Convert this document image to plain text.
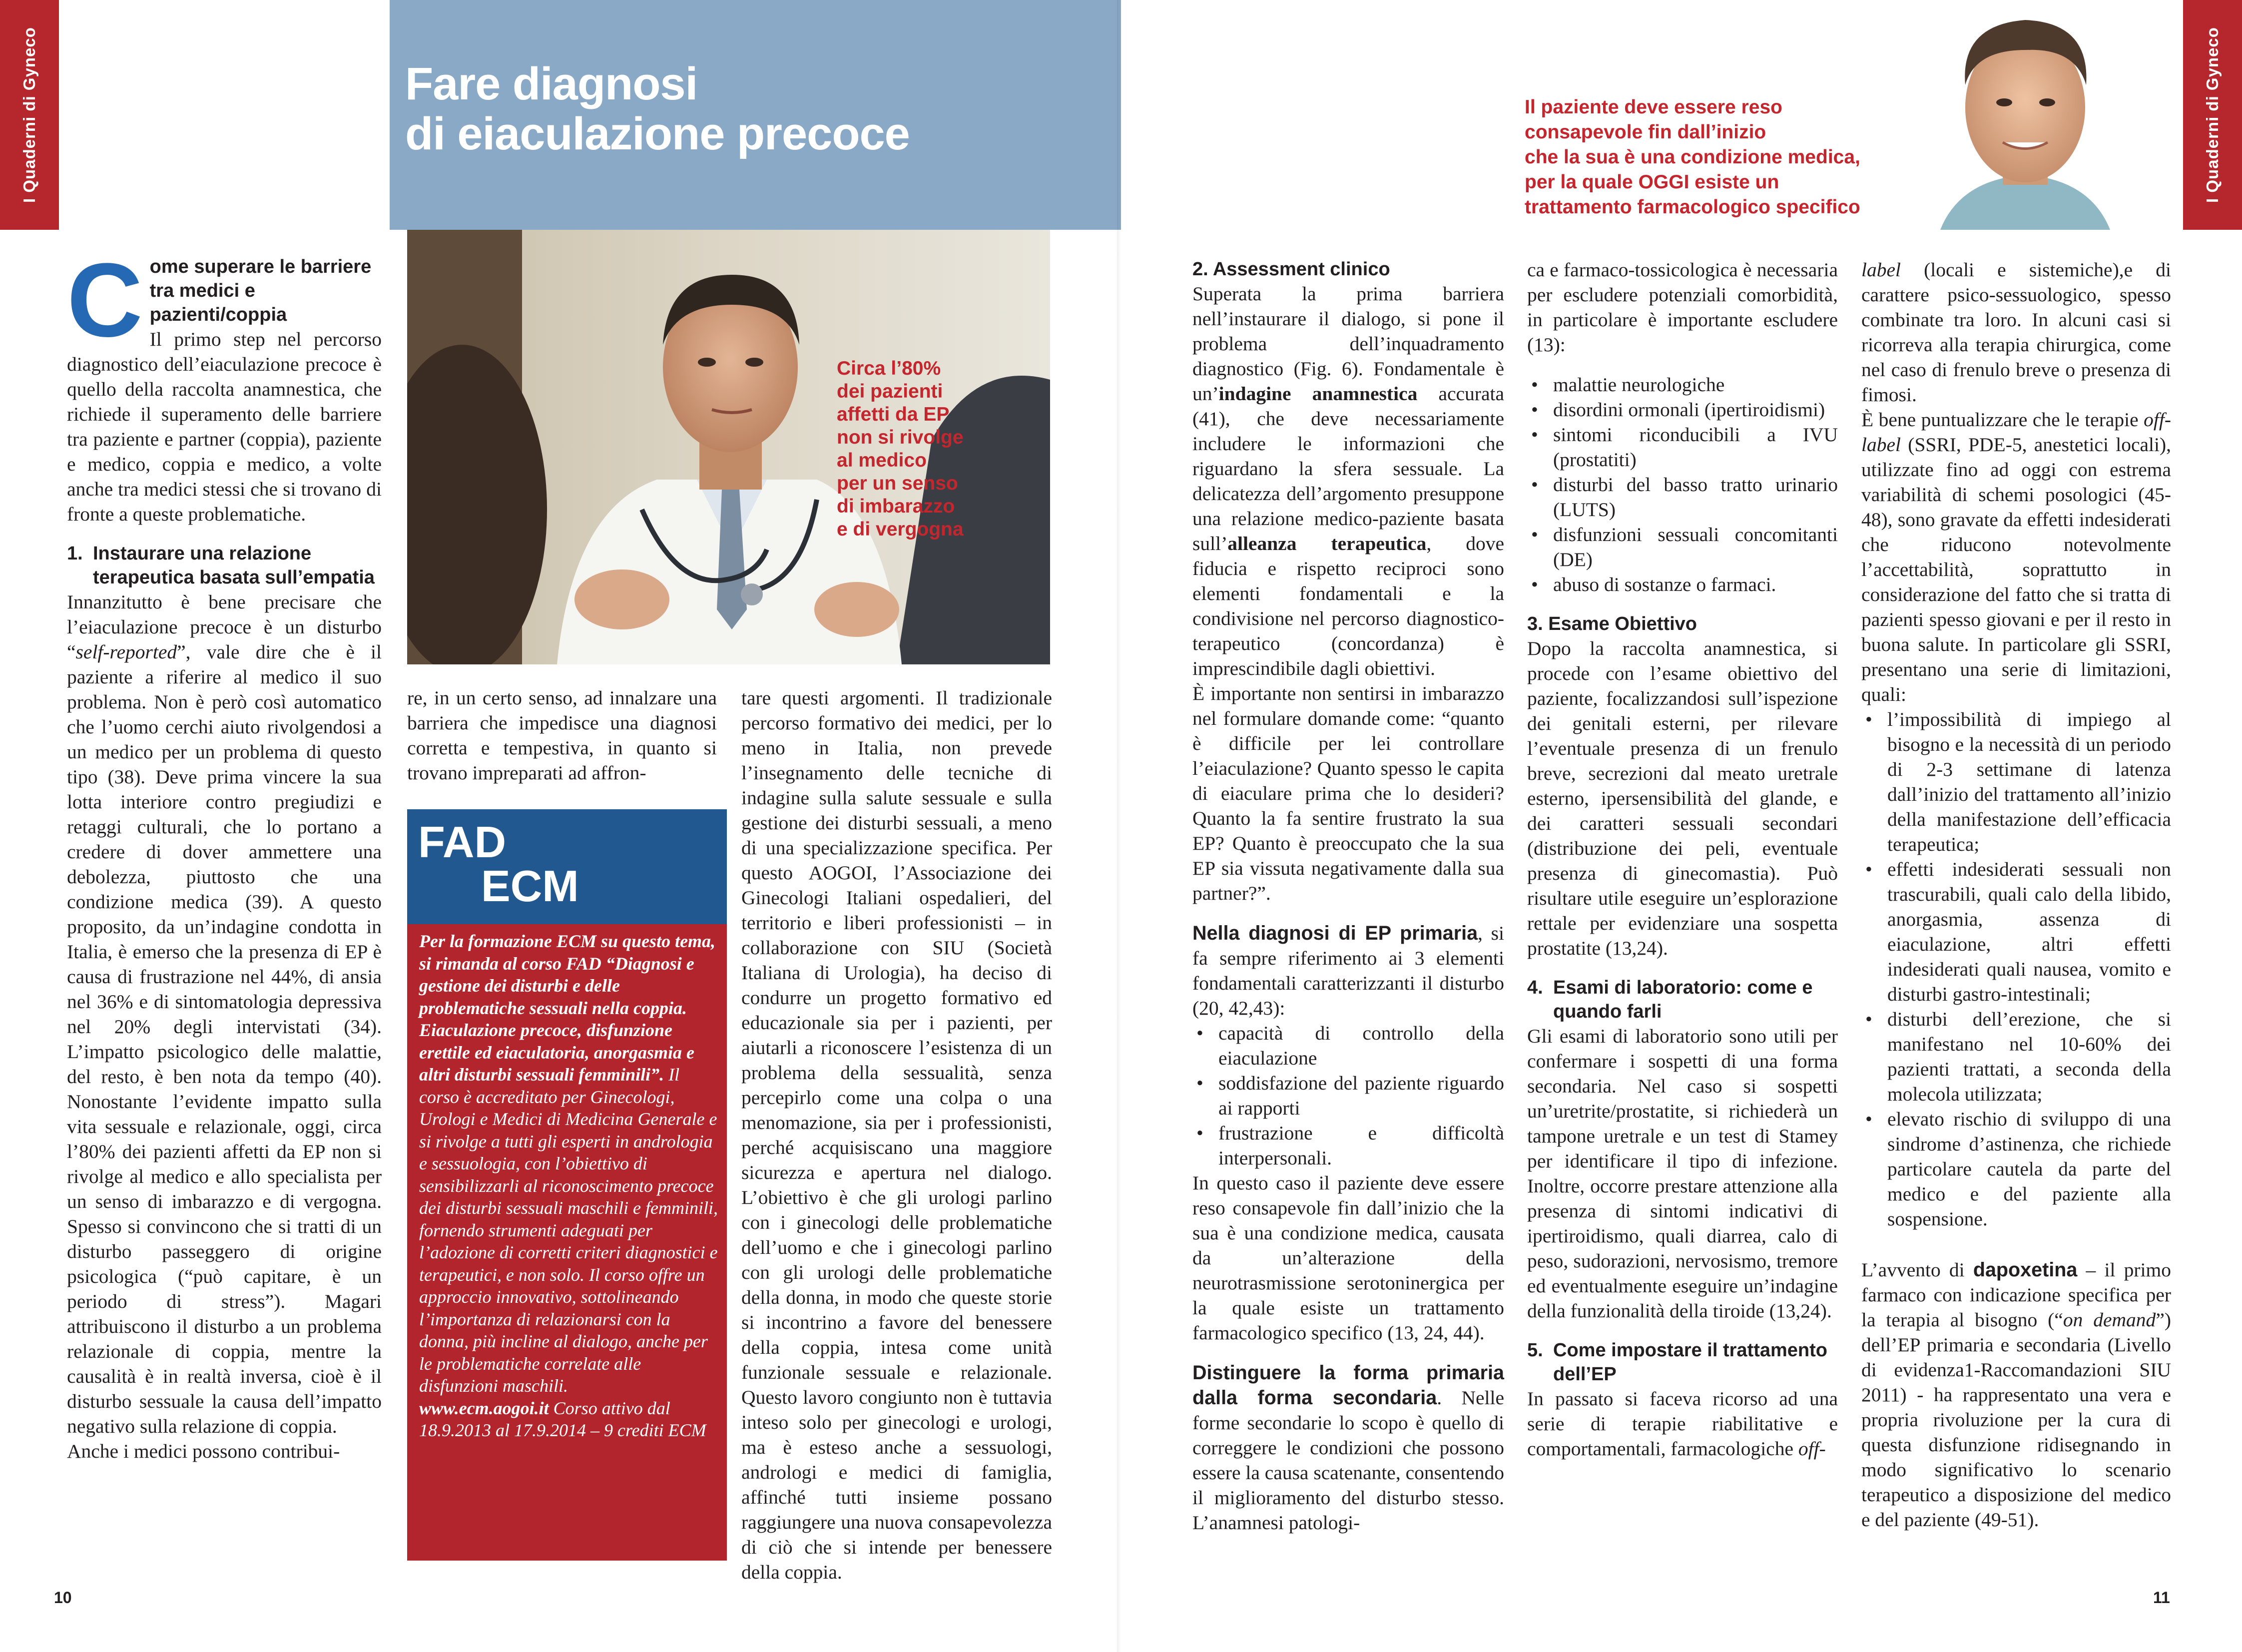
I Quaderni di Gyneco	Fare diagnosi
di eiaculazione precoce
Circa l’80%
dei pazienti
affetti da EP
non si rivolge
al medico
per un senso
di imbarazzo
e di vergogna
C ome superare le barriere tra medici e pazienti/coppia

Il primo step nel percorso diagnostico dell’eiaculazione precoce è quello della raccolta anamnestica, che richiede il superamento delle barriere tra paziente e partner (coppia), paziente e medico, coppia e medico, a volte anche tra medici stessi che si trovano di fronte a queste problematiche.

1. Instaurare una relazione terapeutica basata sull’empatia

Innanzitutto è bene precisare che l’eiaculazione precoce è un disturbo “self-reported”, vale dire che è il paziente a riferire al medico il suo problema. Non è però così automatico che l’uomo cerchi aiuto rivolgendosi a un medico per un problema di questo tipo (38). Deve prima vincere la sua lotta interiore contro pregiudizi e retaggi culturali, che lo portano a credere di dover ammettere una debolezza, piuttosto che una condizione medica (39). A questo proposito, da un’indagine condotta in Italia, è emerso che la presenza di EP è causa di frustrazione nel 44%, di ansia nel 36% e di sintomatologia depressiva nel 20% degli intervistati (34). L’impatto psicologico delle malattie, del resto, è ben nota da tempo (40). Nonostante l’evidente impatto sulla vita sessuale e relazionale, oggi, circa l’80% dei pazienti affetti da EP non si rivolge al medico e allo specialista per un senso di imbarazzo e di vergogna. Spesso si convincono che si tratti di un disturbo passeggero di origine psicologica (“può capitare, è un periodo di stress”). Magari attribuiscono il disturbo a un problema relazionale di coppia, mentre la causalità è in realtà inversa, cioè è il disturbo sessuale la causa dell’impatto negativo sulla relazione di coppia.

Anche i medici possono contribui-

re, in un certo senso, ad innalzare una barriera che impedisce una diagnosi corretta e tempestiva, in quanto si trovano impreparati ad affron-

FAD
ECM
Per la formazione ECM su questo tema, si rimanda al corso FAD “Diagnosi e gestione dei disturbi e delle problematiche sessuali nella coppia. Eiaculazione precoce, disfunzione erettile ed eiaculatoria, anorgasmia e altri disturbi sessuali femminili”. Il corso è accreditato per Ginecologi, Urologi e Medici di Medicina Generale e si rivolge a tutti gli esperti in andrologia e sessuologia, con l’obiettivo di sensibilizzarli al riconoscimento precoce dei disturbi sessuali maschili e femminili, fornendo strumenti adeguati per l’adozione di corretti criteri diagnostici e terapeutici, e non solo. Il corso offre un approccio innovativo, sottolineando l’importanza di relazionarsi con la donna, più incline al dialogo, anche per le problematiche correlate alle disfunzioni maschili.
www.ecm.aogoi.it Corso attivo dal 18.9.2013 al 17.9.2014 – 9 crediti ECM

tare questi argomenti. Il tradizionale percorso formativo dei medici, per lo meno in Italia, non prevede l’insegnamento delle tecniche di indagine sulla salute sessuale e sulla gestione dei disturbi sessuali, a meno di una specializzazione specifica. Per questo AOGOI, l’Associazione dei Ginecologi Italiani ospedalieri, del territorio e liberi professionisti – in collaborazione con SIU (Società Italiana di Urologia), ha deciso di condurre un progetto formativo ed educazionale sia per i pazienti, per aiutarli a riconoscere l’esistenza di un problema della sessualità, senza percepirlo come una colpa o una menomazione, sia per i professionisti, perché acquisiscano una maggiore sicurezza e apertura nel dialogo. L’obiettivo è che gli urologi parlino con i ginecologi delle problematiche dell’uomo e che i ginecologi parlino con gli urologi delle problematiche della donna, in modo che queste storie si incontrino a favore del benessere della coppia, intesa come unità funzionale sessuale e relazionale. Questo lavoro congiunto non è tuttavia inteso solo per ginecologi e urologi, ma è esteso anche a sessuologi, andrologi e medici di famiglia, affinché tutti insieme possano raggiungere una nuova consapevolezza di ciò che si intende per benessere della coppia.

10
I Quaderni di Gyneco
Il paziente deve essere reso
consapevole fin dall’inizio
che la sua è una condizione medica,
per la quale OGGI esiste un
trattamento farmacologico specifico
2. Assessment clinico

Superata la prima barriera nell’instaurare il dialogo, si pone il problema dell’inquadramento diagnostico (Fig. 6). Fondamentale è un’indagine anamnestica accurata (41), che deve necessariamente includere le informazioni che riguardano la sfera sessuale. La delicatezza dell’argomento presuppone una relazione medico-paziente basata sull’alleanza terapeutica, dove fiducia e rispetto reciproci sono elementi fondamentali e la condivisione nel percorso diagnostico-terapeutico (concordanza) è imprescindibile dagli obiettivi.

È importante non sentirsi in imbarazzo nel formulare domande come: “quanto è difficile per lei controllare l’eiaculazione? Quanto spesso le capita di eiaculare prima che lo desideri? Quanto la fa sentire frustrato la sua EP? Quanto è preoccupato che la sua EP sia vissuta negativamente dalla sua partner?”.

Nella diagnosi di EP primaria, si fa sempre riferimento ai 3 elementi fondamentali caratterizzanti il disturbo (20, 42,43):

• capacità di controllo della eiaculazione
• soddisfazione del paziente riguardo ai rapporti
• frustrazione e difficoltà interpersonali.

In questo caso il paziente deve essere reso consapevole fin dall’inizio che la sua è una condizione medica, causata da un’alterazione della neurotrasmissione serotoninergica per la quale esiste un trattamento farmacologico specifico (13, 24, 44).

Distinguere la forma primaria dalla forma secondaria. Nelle forme secondarie lo scopo è quello di correggere le condizioni che possono essere la causa scatenante, consentendo il miglioramento del disturbo stesso. L’anamnesi patologi-

ca e farmaco-tossicologica è necessaria per escludere potenziali comorbidità, in particolare è importante escludere (13):

• malattie neurologiche
• disordini ormonali (ipertiroidismi)
• sintomi riconducibili a IVU (prostatiti)
• disturbi del basso tratto urinario (LUTS)
• disfunzioni sessuali concomitanti (DE)
• abuso di sostanze o farmaci.
3. Esame Obiettivo

Dopo la raccolta anamnestica, si procede con l’esame obiettivo del paziente, focalizzandosi sull’ispezione dei genitali esterni, per rilevare l’eventuale presenza di un frenulo breve, secrezioni dal meato uretrale esterno, ipersensibilità del glande, e dei caratteri sessuali secondari (distribuzione dei peli, eventuale presenza di ginecomastia). Può risultare utile eseguire un’esplorazione rettale per evidenziare una sospetta prostatite (13,24).

4. Esami di laboratorio: come e quando farli

Gli esami di laboratorio sono utili per confermare i sospetti di una forma secondaria. Nel caso si sospetti un’uretrite/prostatite, si richiederà un tampone uretrale e un test di Stamey per identificare il tipo di infezione. Inoltre, occorre prestare attenzione alla presenza di sintomi indicativi di ipertiroidismo, quali diarrea, calo di peso, sudorazioni, nervosismo, tremore ed eventualmente eseguire un’indagine della funzionalità della tiroide (13,24).

5. Come impostare il trattamento dell’EP

In passato si faceva ricorso ad una serie di terapie riabilitative e comportamentali, farmacologiche off-

label (locali e sistemiche),e di carattere psico-sessuologico, spesso combinate tra loro. In alcuni casi si ricorreva alla terapia chirurgica, come nel caso di frenulo breve o presenza di fimosi.

È bene puntualizzare che le terapie off-label (SSRI, PDE-5, anestetici locali), utilizzate fino ad oggi con estrema variabilità di schemi posologici (45-48), sono gravate da effetti indesiderati che riducono notevolmente l’accettabilità, soprattutto in considerazione del fatto che si tratta di pazienti spesso giovani e per il resto in buona salute. In particolare gli SSRI, presentano una serie di limitazioni, quali:

• l’impossibilità di impiego al bisogno e la necessità di un periodo di 2-3 settimane di latenza dall’inizio del trattamento all’inizio della manifestazione dell’efficacia terapeutica;
• effetti indesiderati sessuali non trascurabili, quali calo della libido, anorgasmia, assenza di eiaculazione, altri effetti indesiderati quali nausea, vomito e disturbi gastro-intestinali;
• disturbi dell’erezione, che si manifestano nel 10-60% dei pazienti trattati, a seconda della molecola utilizzata;
• elevato rischio di sviluppo di una sindrome d’astinenza, che richiede particolare cautela da parte del medico e del paziente alla sospensione.

L’avvento di dapoxetina – il primo farmaco con indicazione specifica per la terapia al bisogno (“on demand”) dell’EP primaria e secondaria (Livello di evidenza1-Raccomandazioni SIU 2011) - ha rappresentato una vera e propria rivoluzione per la cura di questa disfunzione ridisegnando in modo significativo lo scenario terapeutico a disposizione del medico e del paziente (49-51).

11
